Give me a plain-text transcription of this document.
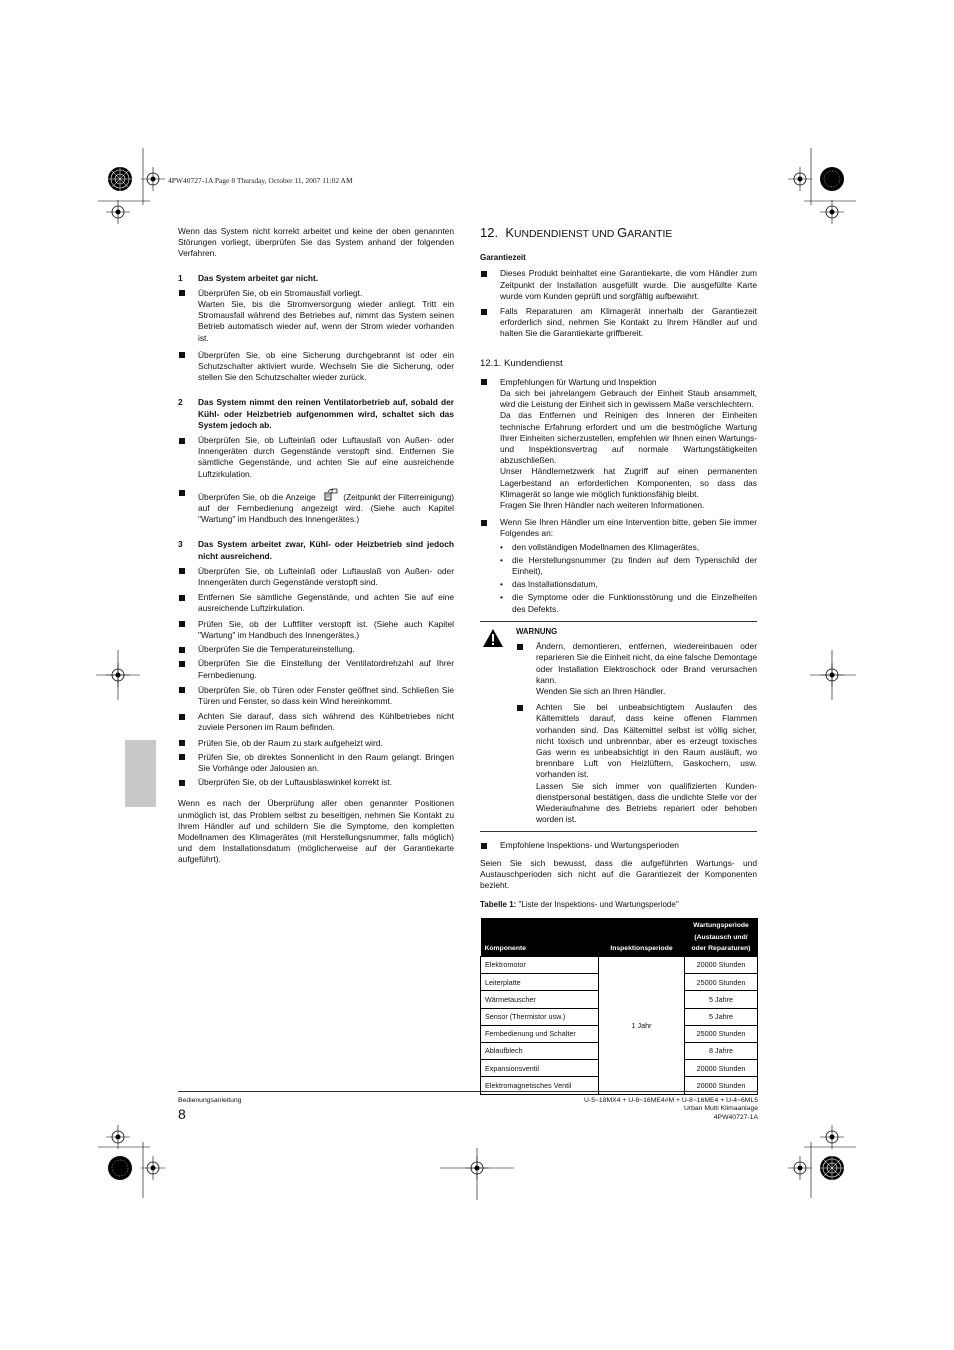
4PW40727-1A Page 8 Thursday, October 11, 2007 11:02 AM

Wenn das System nicht korrekt arbeitet und keine der oben genannten Störungen vorliegt, überprüfen Sie das System anhand der folgenden Verfahren.

1	Das System arbeitet gar nicht.

Überprüfen Sie, ob ein Stromausfall vorliegt.

Warten Sie, bis die Stromversorgung wieder anliegt. Tritt ein Stromausfall während des Betriebes auf, nimmt das System seinen Betrieb automatisch wieder auf, wenn der Strom wieder vorhanden ist.

Überprüfen Sie, ob eine Sicherung durchgebrannt ist oder ein Schutzschalter aktiviert wurde. Wechseln Sie die Sicherung, oder stellen Sie den Schutzschalter wieder zurück.

2	Das System nimmt den reinen Ventilatorbetrieb auf, sobald der Kühl- oder Heizbetrieb aufgenommen wird, schaltet sich das System jedoch ab.

Überprüfen Sie, ob Lufteinlaß oder Luftauslaß von Außen- oder Innengeräten durch Gegenstände verstopft sind. Entfernen Sie sämtliche Gegenstände, und achten Sie auf eine ausreichende Luftzirkulation.

Überprüfen Sie, ob die Anzeige	(Zeitpunkt der Filterreinigung) auf der Fernbedienung angezeigt wird. (Siehe auch Kapitel "Wartung" im Handbuch des Innengerätes.)

3	Das System arbeitet zwar, Kühl- oder Heizbetrieb sind jedoch nicht ausreichend.

Überprüfen Sie, ob Lufteinlaß oder Luftauslaß von Außen- oder Innengeräten durch Gegenstände verstopft sind.

Entfernen Sie sämtliche Gegenstände, und achten Sie auf eine ausreichende Luftzirkulation.

Prüfen Sie, ob der Luftfilter verstopft ist. (Siehe auch Kapitel "Wartung" im Handbuch des Innengerätes.)

Überprüfen Sie die Temperatureinstellung.

Überprüfen Sie die Einstellung der Ventilatordrehzahl auf Ihrer Fernbedienung.

Überprüfen Sie, ob Türen oder Fenster geöffnet sind. Schließen Sie Türen und Fenster, so dass kein Wind hereinkommt.

Achten Sie darauf, dass sich während des Kühlbetriebes nicht zuviele Personen im Raum befinden.

Prüfen Sie, ob der Raum zu stark aufgeheizt wird.

Prüfen Sie, ob direktes Sonnenlicht in den Raum gelangt. Bringen Sie Vorhänge oder Jalousien an.

Überprüfen Sie, ob der Luftausblaswinkel korrekt ist.

Wenn es nach der Überprüfung aller oben genannter Positionen unmöglich ist, das Problem selbst zu beseitigen, nehmen Sie Kontakt zu Ihrem Händler auf und schildern Sie die Symptome, den kompletten Modellnamen des Klimagerätes (mit Herstellungsnummer, falls möglich) und dem Installationsdatum (möglicherweise auf der Garantiekarte aufgeführt).

12. KUNDENDIENST UND GARANTIE
Garantiezeit

Dieses Produkt beinhaltet eine Garantiekarte, die vom Händler zum Zeitpunkt der Installation ausgefüllt wurde. Die ausgefüllte Karte wurde vom Kunden geprüft und sorgfältig aufbewahrt.

Falls Reparaturen am Klimagerät innerhalb der Garantiezeit erforderlich sind, nehmen Sie Kontakt zu Ihrem Händler auf und halten Sie die Garantiekarte griffbereit.

12.1. Kundendienst

Empfehlungen für Wartung und Inspektion

Da sich bei jahrelangem Gebrauch der Einheit Staub ansammelt, wird die Leistung der Einheit sich in gewissem Maße verschlechtern.

Da das Entfernen und Reinigen des Inneren der Einheiten technische Erfahrung erfordert und um die bestmögliche Wartung Ihrer Einheiten sicherzustellen, empfehlen wir Ihnen einen Wartungs- und Inspektionsvertrag auf normale Wartungstätigkeiten abzuschließen.

Unser Händlernetzwerk hat Zugriff auf einen permanenten Lagerbestand an erforderlichen Komponenten, so dass das Klimagerät so lange wie möglich funktionsfähig bleibt.

Fragen Sie Ihren Händler nach weiteren Informationen.

Wenn Sie Ihren Händler um eine Intervention bitte, geben Sie immer Folgendes an:

•	den vollständigen Modellnamen des Klimagerätes,

•	die Herstellungsnummer (zu finden auf dem Typenschild der Einheit),

•	das Installationsdatum,

•	die Symptome oder die Funktionsstörung und die Einzelheiten des Defekts.

WARNUNG

Ändern, demontieren, entfernen, wiedereinbauen oder reparieren Sie die Einheit nicht, da eine falsche Demontage oder Installation Elektroschock oder Brand verursachen kann.

Wenden Sie sich an Ihren Händler.

Achten Sie bei unbeabsichtigtem Auslaufen des Kältemittels darauf, dass keine offenen Flammen vorhanden sind. Das Kältemittel selbst ist völlig sicher, nicht toxisch und unbrennbar, aber es erzeugt toxisches Gas wenn es unbeabsichtigt in den Raum ausläuft, wo brennbare Luft von Heizlüftern, Gaskochern, usw. vorhanden ist.

Lassen Sie sich immer von qualifizierten Kunden-dienstpersonal bestätigen, dass die undichte Stelle vor der Wiederaufnahme des Betriebs repariert oder behoben worden ist.

Empfohlene Inspektions- und Wartungsperioden

Seien Sie sich bewusst, dass die aufgeführten Wartungs- und Austauschperioden sich nicht auf die Garantiezeit der Komponenten bezieht.

Tabelle 1: "Liste der Inspektions- und Wartungsperiode"

Komponente	Inspektionsperiode	Wartungsperiode
(Austausch und/
oder Reparaturen)

Elektromotor	1 Jahr	20000 Stunden
Leiterplatte		25000 Stunden
Wärmetauscher		5 Jahre
Sensor (Thermistor usw.)		5 Jahre
Fernbedienung und Schalter		25000 Stunden
Ablaufblech		8 Jahre
Expansionsventil		20000 Stunden
Elektromagnetisches Ventil		20000 Stunden
Bedienungsanleitung
8
U-5~18MX4 + U-8~16ME4#M + U-8~16ME4 + U-4~6ML5
Urban Multi Klimaanlage
4PW40727-1A
